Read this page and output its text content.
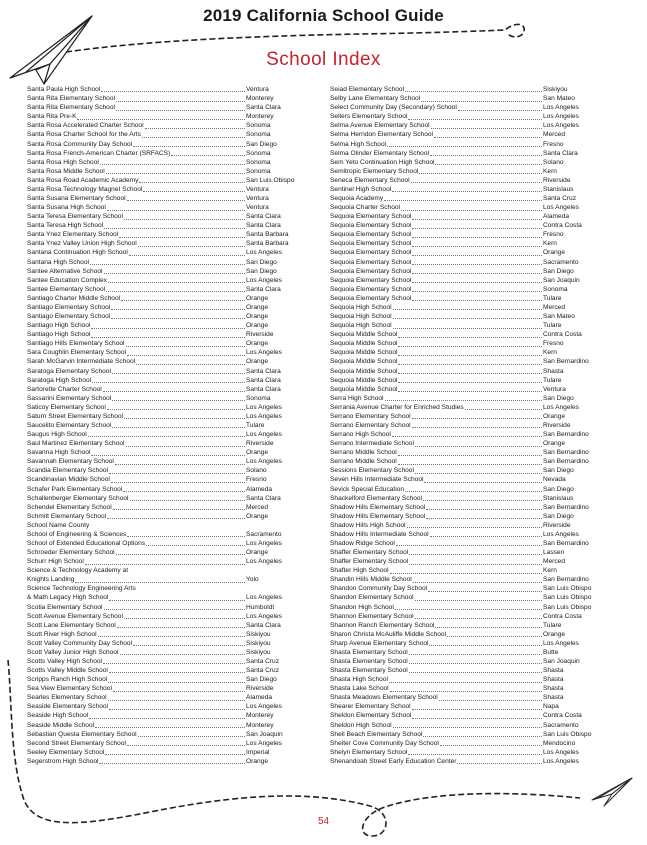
2019 California School Guide
School Index
Santa Paula High School	Ventura
Santa Rita Elementary School	Monterey
Santa Rita Elementary School	Santa Clara
Santa Rita Pre-K	Monterey
Santa Rosa Accelerated Charter School	Sonoma
Santa Rosa Charter School for the Arts	Sonoma
Santa Rosa Community Day School	San Diego
Santa Rosa French-American Charter (SRFACS)	Sonoma
Santa Rosa High School	Sonoma
Santa Rosa Middle School	Sonoma
Santa Rosa Road Academic Academy	San Luis Obispo
Santa Rosa Technology Magnet School	Ventura
Santa Susana Elementary School	Ventura
Santa Susana High School	Ventura
Santa Teresa Elementary School	Santa Clara
Santa Teresa High School	Santa Clara
Santa Ynez Elementary School	Santa Barbara
Santa Ynez Valley Union High School	Santa Barbara
Santana Continuation High School	Los Angeles
Santana High School	San Diego
Santee Alternative School	San Diego
Santee Education Complex	Los Angeles
Santee Elementary School	Santa Clara
Santiago Charter Middle School	Orange
Santiago Elementary School	Orange
Santiago Elementary School	Orange
Santiago High School	Orange
Santiago High School	Riverside
Santiago Hills Elementary School	Orange
Sara Coughlin Elementary School	Los Angeles
Sarah McGarvin Intermediate School	Orange
Saratoga Elementary School	Santa Clara
Saratoga High School	Santa Clara
Sartorette Charter School	Santa Clara
Sassarini Elementary School	Sonoma
Saticoy Elementary School	Los Angeles
Saturn Street Elementary School	Los Angeles
Saucelito Elementary School	Tulare
Saugus High School	Los Angeles
Saul Martinez Elementary School	Riverside
Savanna High School	Orange
Savannah Elementary School	Los Angeles
Scandia Elementary School	Solano
Scandinavian Middle School	Fresno
Schafer Park Elementary School	Alameda
Schallenberger Elementary School	Santa Clara
Schendel Elementary School	Merced
Schmitt Elementary School	Orange
School Name County
School of Engineering & Sciences	Sacramento
School of Extended Educational Options	Los Angeles
Schroeder Elementary School	Orange
Schurr High School	Los Angeles
Science & Technology Academy at
Knights Landing	Yolo
Science Technology Engineering Arts
& Math Legacy High School	Los Angeles
Scotia Elementary School	Humboldt
Scott Avenue Elementary School	Los Angeles
Scott Lane Elementary School	Santa Clara
Scott River High School	Siskiyou
Scott Valley Community Day School	Siskiyou
Scott Valley Junior High School	Siskiyou
Scotts Valley High School	Santa Cruz
Scotts Valley Middle School	Santa Cruz
Scripps Ranch High School	San Diego
Sea View Elementary School	Riverside
Searles Elementary School	Alameda
Seaside Elementary School	Los Angeles
Seaside High School	Monterey
Seaside Middle School	Monterey
Sebastian Questa Elementary School	San Joaquin
Second Street Elementary School	Los Angeles
Seeley Elementary School	Imperial
Segerstrom High School	Orange
Seiad Elementary School	Siskiyou
Selby Lane Elementary School	San Mateo
Select Community Day (Secondary) School	Los Angeles
Sellers Elementary School	Los Angeles
Selma Avenue Elementary School	Los Angeles
Selma Herndon Elementary School	Merced
Selma High School	Fresno
Selma Olinder Elementary School	Santa Clara
Sem Yeto Continuation High School	Solano
Semitropic Elementary School	Kern
Seneca Elementary School	Riverside
Sentinel High School	Stanislaus
Sequoia Academy	Santa Cruz
Sequoia Charter School	Los Angeles
Sequoia Elementary School	Alameda
Sequoia Elementary School	Contra Costa
Sequoia Elementary School	Fresno
Sequoia Elementary School	Kern
Sequoia Elementary School	Orange
Sequoia Elementary School	Sacramento
Sequoia Elementary School	San Diego
Sequoia Elementary School	San Joaquin
Sequoia Elementary School	Sonoma
Sequoia Elementary School	Tulare
Sequoia High School	Merced
Sequoia High School	San Mateo
Sequoia High School	Tulare
Sequoia Middle School	Contra Costa
Sequoia Middle School	Fresno
Sequoia Middle School	Kern
Sequoia Middle School	San Bernardino
Sequoia Middle School	Shasta
Sequoia Middle School	Tulare
Sequoia Middle School	Ventura
Serra High School	San Diego
Serrania Avenue Charter for Enriched Studies	Los Angeles
Serrano Elementary School	Orange
Serrano Elementary School	Riverside
Serrano High School	San Bernardino
Serrano Intermediate School	Orange
Serrano Middle School	San Bernardino
Serrano Middle School	San Bernardino
Sessions Elementary School	San Diego
Seven Hills Intermediate School	Nevada
Sevick Special Education	San Diego
Shackelford Elementary School	Stanislaus
Shadow Hills Elementary School	San Bernardino
Shadow Hills Elementary School	San Diego
Shadow Hills High School	Riverside
Shadow Hills Intermediate School	Los Angeles
Shadow Ridge School	San Bernardino
Shaffer Elementary School	Lassen
Shaffer Elementary School	Merced
Shafter High School	Kern
Shandin Hills Middle School	San Bernardino
Shandon Community Day School	San Luis Obispo
Shandon Elementary School	San Luis Obispo
Shandon High School	San Luis Obispo
Shannon Elementary School	Contra Costa
Shannon Ranch Elementary School	Tulare
Sharon Christa McAuliffe Middle School	Orange
Sharp Avenue Elementary School	Los Angeles
Shasta Elementary School	Butte
Shasta Elementary School	San Joaquin
Shasta Elementary School	Shasta
Shasta High School	Shasta
Shasta Lake School	Shasta
Shasta Meadows Elementary School	Shasta
Shearer Elementary School	Napa
Sheldon Elementary School	Contra Costa
Sheldon High School	Sacramento
Shell Beach Elementary School	San Luis Obispo
Shelter Cove Community Day School	Mendocino
Shelyn Elementary School	Los Angeles
Shenandoah Street Early Education Center	Los Angeles
54
